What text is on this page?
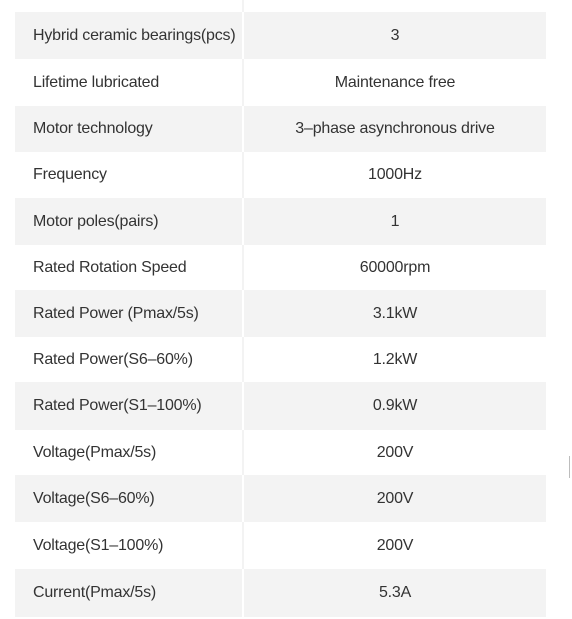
Hybrid ceramic bearings(pcs)	3
Lifetime lubricated	Maintenance free
Motor technology	3–phase asynchronous drive
Frequency	1000Hz
Motor poles(pairs)	1
Rated Rotation Speed	60000rpm
Rated Power (Pmax/5s)	3.1kW
Rated Power(S6–60%)	1.2kW
Rated Power(S1–100%)	0.9kW
Voltage(Pmax/5s)	200V
Voltage(S6–60%)	200V
Voltage(S1–100%)	200V
Current(Pmax/5s)	5.3A
